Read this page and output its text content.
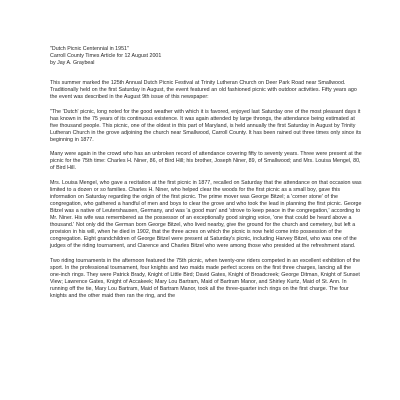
"Dutch Picnic Centennial in 1951"

Carroll County Times Article for 12 August 2001

by Jay A. Graybeal

This summer marked the 125th Annual Dutch Picnic Festival at Trinity Lutheran Church on Deer Park Road near Smallwood. Traditionally held on the first Saturday in August, the event featured an old fashioned picnic with outdoor activities. Fifty years ago the event was described in the August 9th issue of this newspaper:

"The 'Dutch' picnic, long noted for the good weather with which it is favored, enjoyed last Saturday one of the most pleasant days it has known in the 75 years of its continuous existence. It was again attended by large throngs, the attendance being estimated at five thousand people. This picnic, one of the oldest in this part of Maryland, is held annually the first Saturday in August by Trinity Lutheran Church in the grove adjoining the church near Smallwood, Carroll County. It has been rained out three times only since its beginning in 1877.

Many were again in the crowd who has an unbroken record of attendance covering fifty to seventy years. Three were present at the picnic for the 75th time: Charles H. Niner, 86, of Bird Hill; his brother, Joseph Niner, 89, of Smallwood; and Mrs. Louisa Mengel, 80, of Bird Hill.

Mrs. Louisa Mengel, who gave a recitation at the first picnic in 1877, recalled on Saturday that the attendance on that occasion was limited to a dozen or so families. Charles H. Niner, who helped clear the woods for the first picnic as a small boy, gave this information on Saturday regarding the origin of the first picnic. The prime mover was George Bitzel; a 'corner stone' of the congregation, who gathered a handful of men and boys to clear the grove and who took the lead in planning the first picnic. George Bitzel was a native of Leutershausen, Germany, and was 'a good man' and 'strove to keep peace in the congregation,' according to Mr. Niner. His wife was remembered as the possessor of an exceptionally good singing voice, 'one that could be heard above a thousand.' Not only did the German born George Bitzel, who lived nearby, give the ground for the church and cemetery, but left a provision in his will, when he died in 1902, that the three acres on which the picnic is now held come into possession of the congregation. Eight grandchildren of George Bitzel were present at Saturday's picnic, including Harvey Bitzel, who was one of the judges of the riding tournament, and Clarence and Charles Bitzel who were among those who presided at the refreshment stand.

Two riding tournaments in the afternoon featured the 75th picnic, when twenty-one riders competed in an excellent exhibition of the sport. In the professional tournament, four knights and two maids made perfect scores on the first three charges, lancing all the one-inch rings. They were Patrick Brady, Knight of Little Bird; David Gates, Knight of Broadcreek; George Ditman, Knight of Sunset View; Lawrence Gates, Knight of Accakeek; Mary Lou Bartram, Maid of Bartram Manor, and Shirley Kurtz, Maid of St. Ann. In running off the tie, Mary Lou Bartram, Maid of Bartram Manor, took all the three-quarter inch rings on the first charge. The four knights and the other maid then ran the ring, and the
